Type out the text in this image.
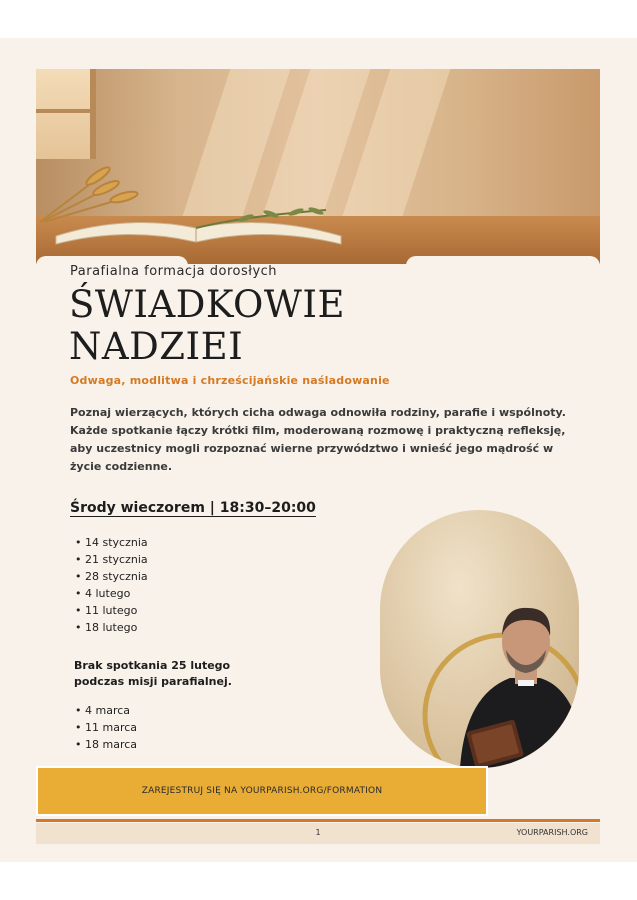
Parafialna formacja dorosłych
ŚWIADKOWIE
NADZIEI
Odwaga, modlitwa i chrześcijańskie naśladowanie

Poznaj wierzących, których cicha odwaga odnowiła rodziny, parafie i wspólnoty. Każde spotkanie łączy krótki film, moderowaną rozmowę i praktyczną refleksję, aby uczestnicy mogli rozpoznać wierne przywództwo i wnieść jego mądrość w życie codzienne.

Środy wieczorem | 18:30–20:00
• 14 stycznia
• 21 stycznia
• 28 stycznia
• 4 lutego
• 11 lutego
• 18 lutego
Brak spotkania 25 lutego
podczas misji parafialnej.
• 4 marca
• 11 marca
• 18 marca
ZAREJESTRUJ SIĘ NA YOURPARISH.ORG/FORMATION
1	YOURPARISH.ORG
